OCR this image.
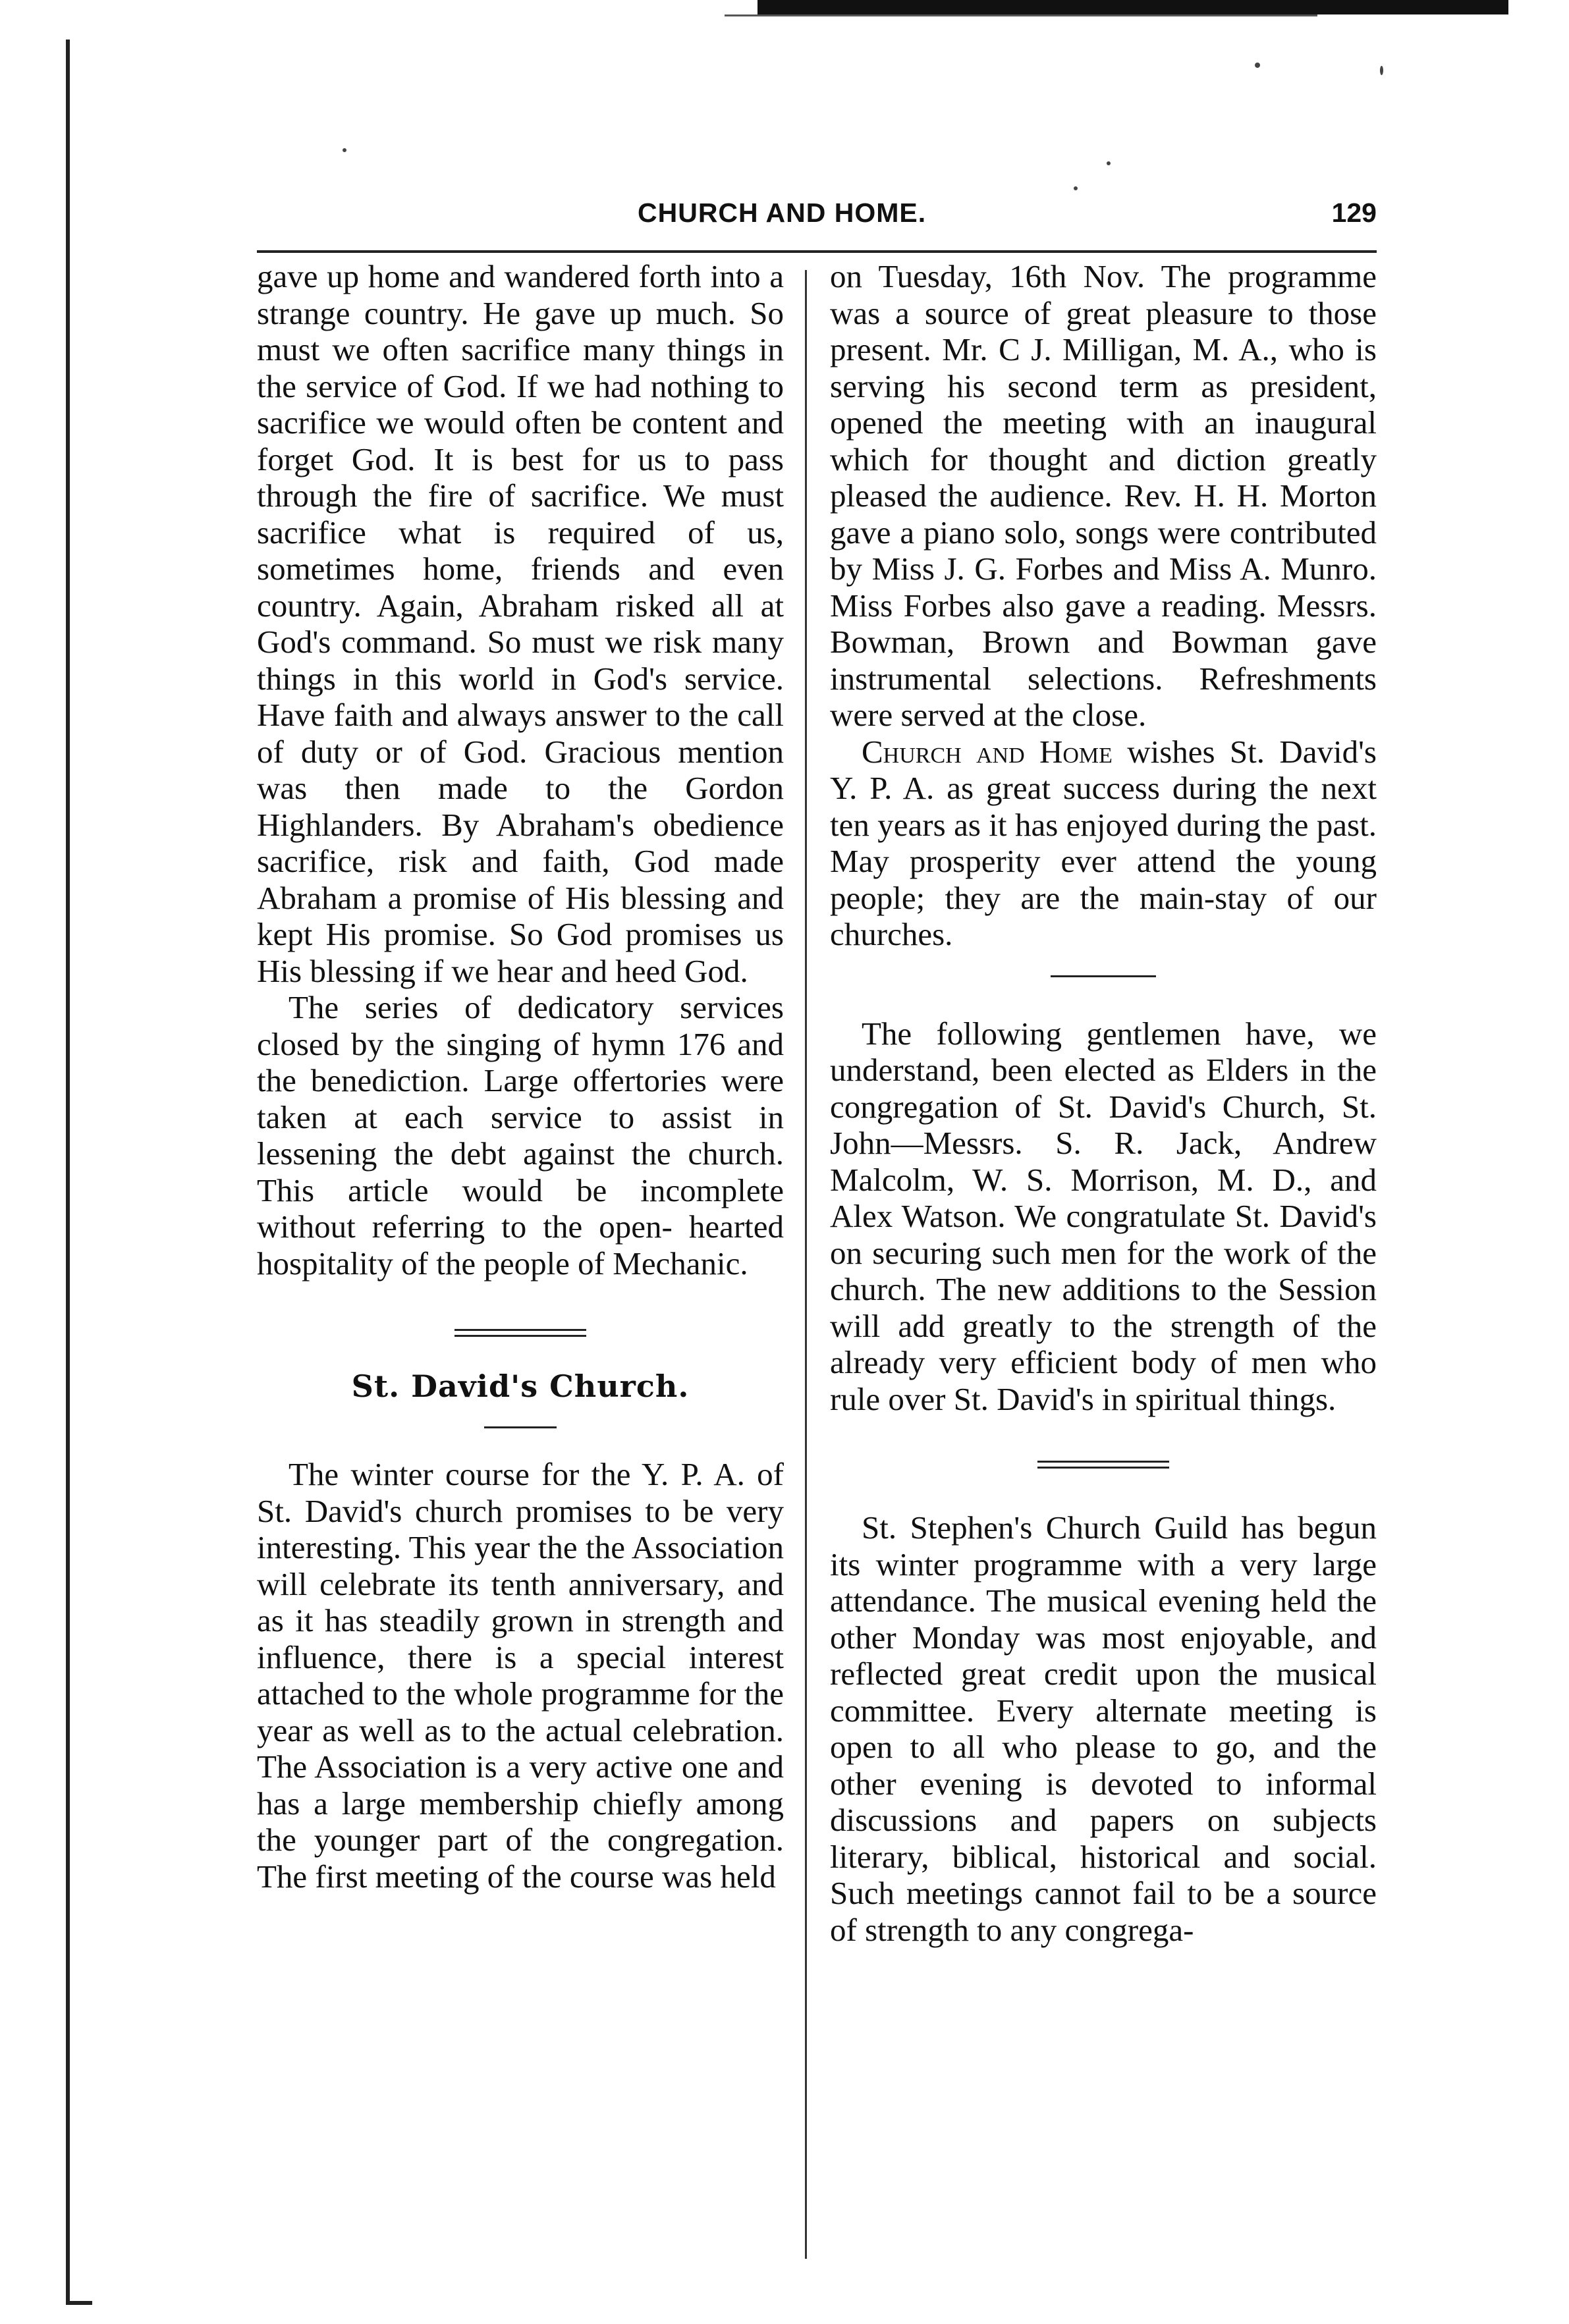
CHURCH AND HOME.	129

gave up home and wandered forth into a strange country. He gave up much. So must we often sacrifice many things in the service of God. If we had nothing to sacrifice we would often be content and forget God. It is best for us to pass through the fire of sacrifice. We must sacrifice what is required of us, sometimes home, friends and even country. Again, Abraham risked all at God's command. So must we risk many things in this world in God's service. Have faith and always answer to the call of duty or of God. Gracious mention was then made to the Gordon Highlanders. By Abraham's obedience sacrifice, risk and faith, God made Abraham a promise of His blessing and kept His promise. So God promises us His blessing if we hear and heed God.

The series of dedicatory services closed by the singing of hymn 176 and the benediction. Large offertories were taken at each service to assist in lessening the debt against the church. This article would be incomplete without referring to the open- hearted hospitality of the people of Mechanic.

St. David's Church.

The winter course for the Y. P. A. of St. David's church promises to be very interesting. This year the the Association will celebrate its tenth anniversary, and as it has steadily grown in strength and influence, there is a special interest attached to the whole programme for the year as well as to the actual celebration. The Association is a very active one and has a large membership chiefly among the younger part of the congregation. The first meeting of the course was held

on Tuesday, 16th Nov. The programme was a source of great pleasure to those present. Mr. C J. Milligan, M. A., who is serving his second term as president, opened the meeting with an inaugural which for thought and diction greatly pleased the audience. Rev. H. H. Morton gave a piano solo, songs were contributed by Miss J. G. Forbes and Miss A. Munro. Miss Forbes also gave a reading. Messrs. Bowman, Brown and Bowman gave instrumental selections. Refreshments were served at the close.

Church and Home wishes St. David's Y. P. A. as great success during the next ten years as it has enjoyed during the past. May prosperity ever attend the young people; they are the main-stay of our churches.

The following gentlemen have, we understand, been elected as Elders in the congregation of St. David's Church, St. John—Messrs. S. R. Jack, Andrew Malcolm, W. S. Morrison, M. D., and Alex Watson. We congratulate St. David's on securing such men for the work of the church. The new additions to the Session will add greatly to the strength of the already very efficient body of men who rule over St. David's in spiritual things.

St. Stephen's Church Guild has begun its winter programme with a very large attendance. The musical evening held the other Monday was most enjoyable, and reflected great credit upon the musical committee. Every alternate meeting is open to all who please to go, and the other evening is devoted to informal discussions and papers on subjects literary, biblical, historical and social. Such meetings cannot fail to be a source of strength to any congrega-
